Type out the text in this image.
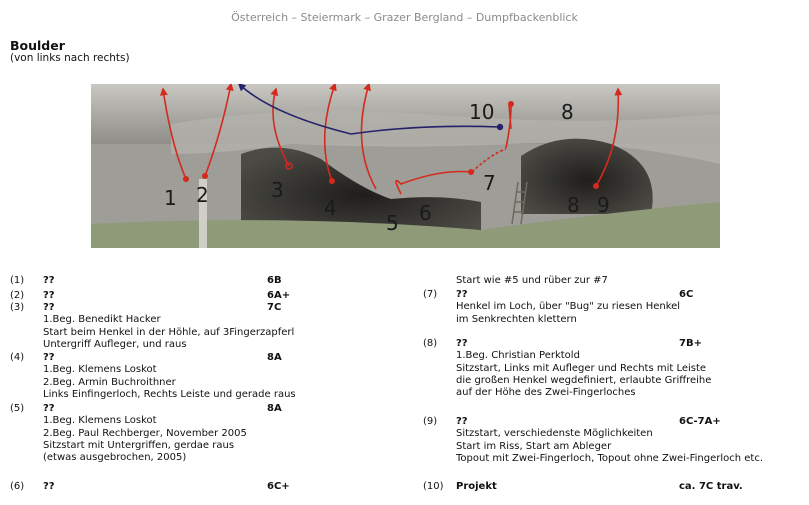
Österreich – Steiermark – Grazer Bergland – Dumpfbackenblick
Boulder
(von links nach rechts)
1 2	3
4
5 6
7
8 9
10	8
(1) ??	6B
(2) ??	6A+
(3) ??	7C
1.Beg. Benedikt Hacker
Start beim Henkel in der Höhle, auf 3Fingerzapferl
Untergriff Aufleger, und raus
(4) ??	8A
1.Beg. Klemens Loskot
2.Beg. Armin Buchroithner
Links Einfingerloch, Rechts Leiste und gerade raus
(5) ??	8A
1.Beg. Klemens Loskot
2.Beg. Paul Rechberger, November 2005
Sitzstart mit Untergriffen, gerdae raus
(etwas ausgebrochen, 2005)
(6) ??	6C+
Start wie #5 und rüber zur #7
(7) ??	6C
Henkel im Loch, über "Bug" zu riesen Henkel
im Senkrechten klettern
(8) ??	7B+
1.Beg. Christian Perktold
Sitzstart, Links mit Aufleger und Rechts mit Leiste
die großen Henkel wegdefiniert, erlaubte Griffreihe
auf der Höhe des Zwei-Fingerloches
(9) ??	6C-7A+
Sitzstart, verschiedenste Möglichkeiten
Start im Riss, Start am Ableger
Topout mit Zwei-Fingerloch, Topout ohne Zwei-Fingerloch etc.
(10) Projekt	ca. 7C trav.
